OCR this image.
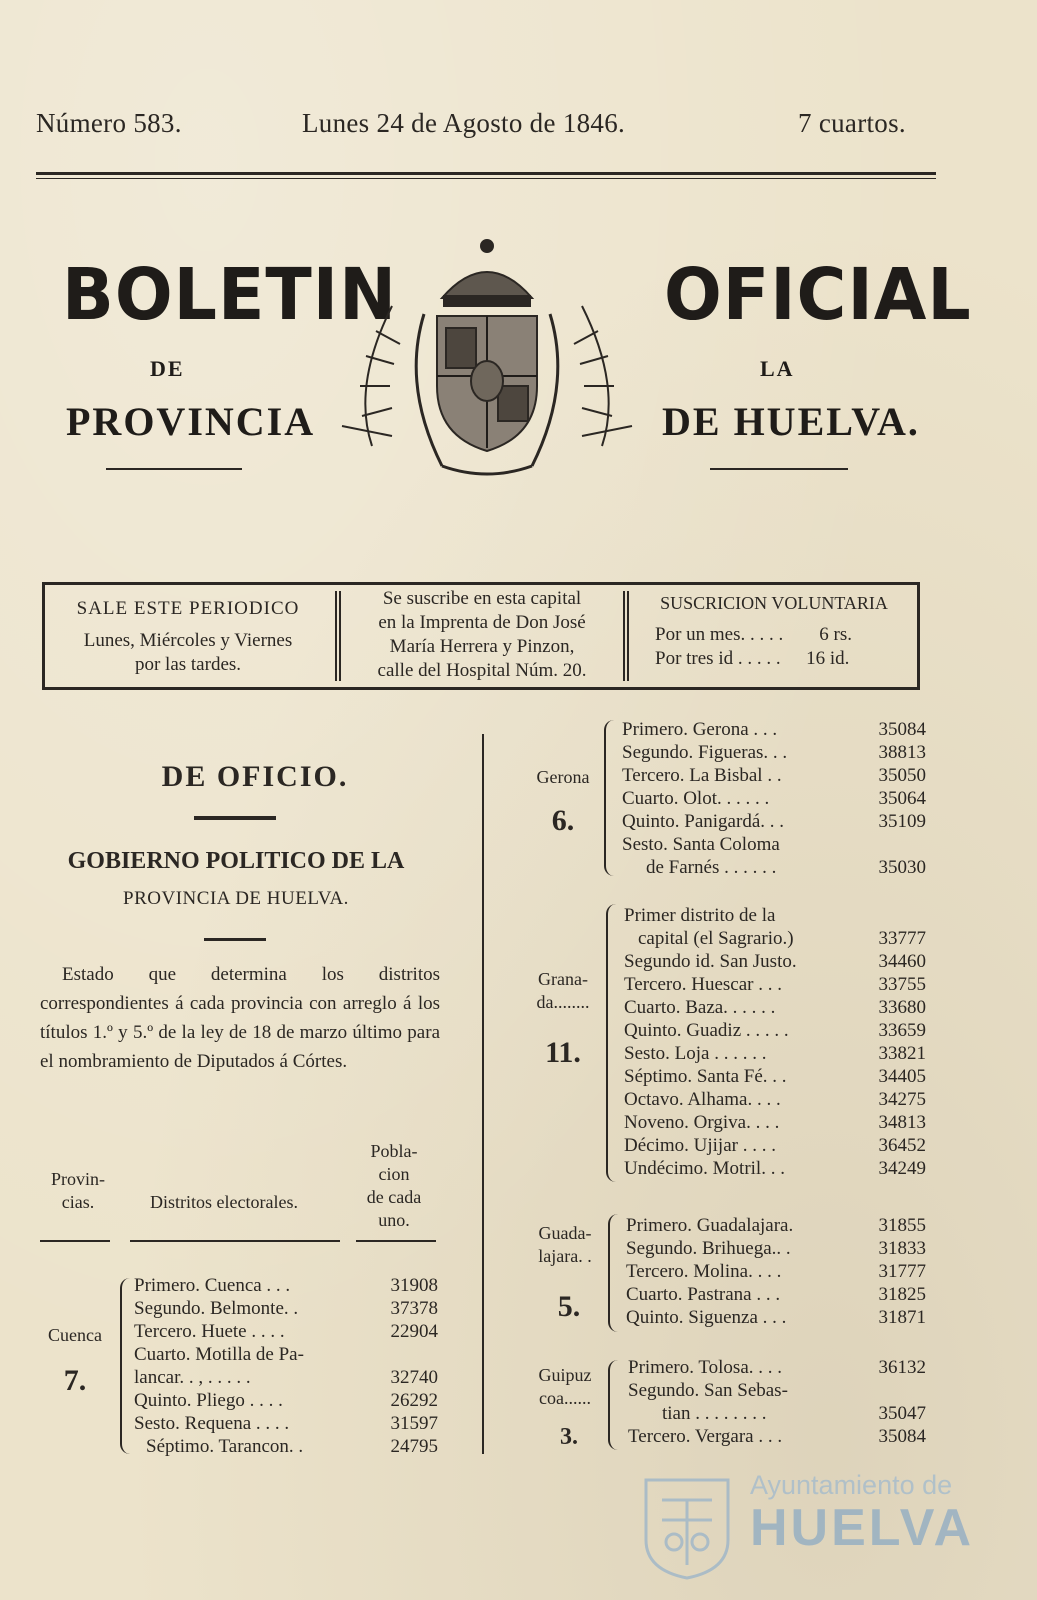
Número 583.	Lunes 24 de Agosto de 1846.	7 cuartos.
BOLETIN
DE
PROVINCIA
OFICIAL
LA
DE HUELVA.
SALE ESTE PERIODICO
Lunes, Miércoles y Viernes
por las tardes.
Se suscribe en esta capital
en la Imprenta de Don José
María Herrera y Pinzon,
calle del Hospital Núm. 20.
SUSCRICION VOLUNTARIA
Por un mes. . . . . 6 rs.
Por tres id . . . . . 16 id.
DE OFICIO.
GOBIERNO POLITICO DE LA
PROVINCIA DE HUELVA.
Estado que determina los distritos correspondientes á cada provincia con arreglo á los títulos 1.º y 5.º de la ley de 18 de marzo último para el nombramiento de Diputados á Córtes.
Provin-
cias.	Distritos electorales.
Pobla-
cion
de cada
uno.
Cuenca
7.
Primero. Cuenca . . .	31908
Segundo. Belmonte. .	37378
Tercero. Huete . . . .	22904
Cuarto. Motilla de Pa-
lancar. . , . . . . .	32740
Quinto. Pliego . . . .	26292
Sesto. Requena . . . .	31597
Séptimo. Tarancon. .	24795
Gerona
6.
Primero. Gerona . . .	35084
Segundo. Figueras. . .	38813
Tercero. La Bisbal . .	35050
Cuarto. Olot. . . . . .	35064
Quinto. Panigardá. . .	35109
Sesto. Santa Coloma
de Farnés . . . . . .	35030
Grana-
da........
11.
Primer distrito de la
capital (el Sagrario.)	33777
Segundo id. San Justo.	34460
Tercero. Huescar . . .	33755
Cuarto. Baza. . . . . .	33680
Quinto. Guadiz . . . . .	33659
Sesto. Loja . . . . . .	33821
Séptimo. Santa Fé. . .	34405
Octavo. Alhama. . . .	34275
Noveno. Orgiva. . . .	34813
Décimo. Ujijar . . . .	36452
Undécimo. Motril. . .	34249
Guada-
lajara. .
5.
Primero. Guadalajara.	31855
Segundo. Brihuega.. .	31833
Tercero. Molina. . . .	31777
Cuarto. Pastrana . . .	31825
Quinto. Siguenza . . .	31871
Guipuz
coa......
3.
Primero. Tolosa. . . .	36132
Segundo. San Sebas-
tian . . . . . . . .	35047
Tercero. Vergara . . .	35084
Ayuntamiento de
HUELVA
